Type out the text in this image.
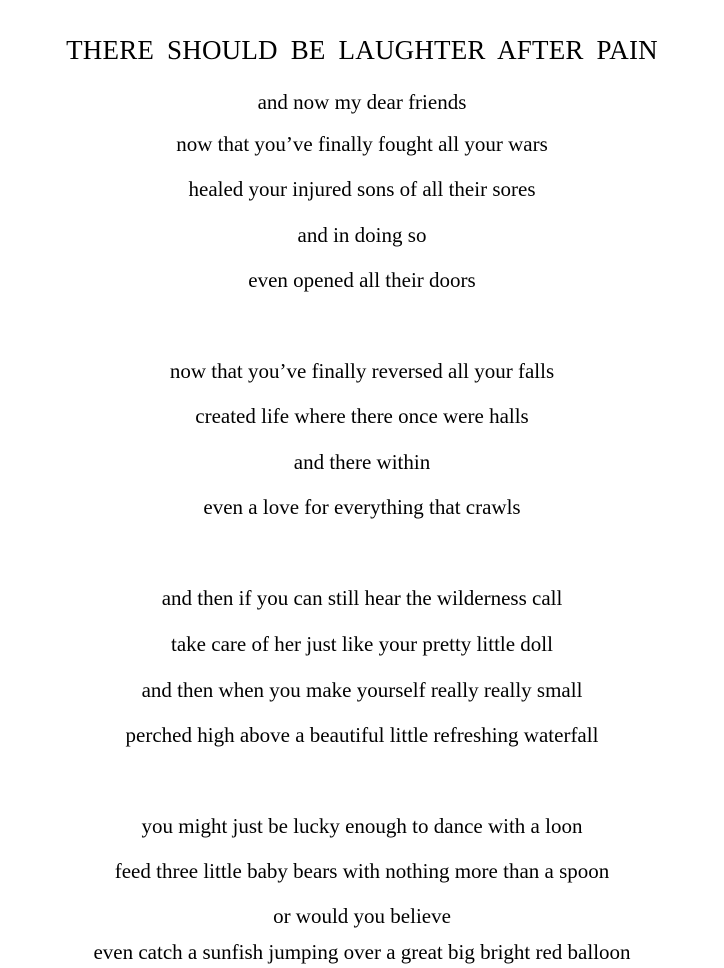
THERE SHOULD BE LAUGHTER AFTER PAIN
and now my dear friends
now that you’ve finally fought all your wars
healed your injured sons of all their sores
and in doing so
even opened all their doors
now that you’ve finally reversed all your falls
created life where there once were halls
and there within
even a love for everything that crawls
and then if you can still hear the wilderness call
take care of her just like your pretty little doll
and then when you make yourself really really small
perched high above a beautiful little refreshing waterfall
you might just be lucky enough to dance with a loon
feed three little baby bears with nothing more than a spoon
or would you believe
even catch a sunfish jumping over a great big bright red balloon
